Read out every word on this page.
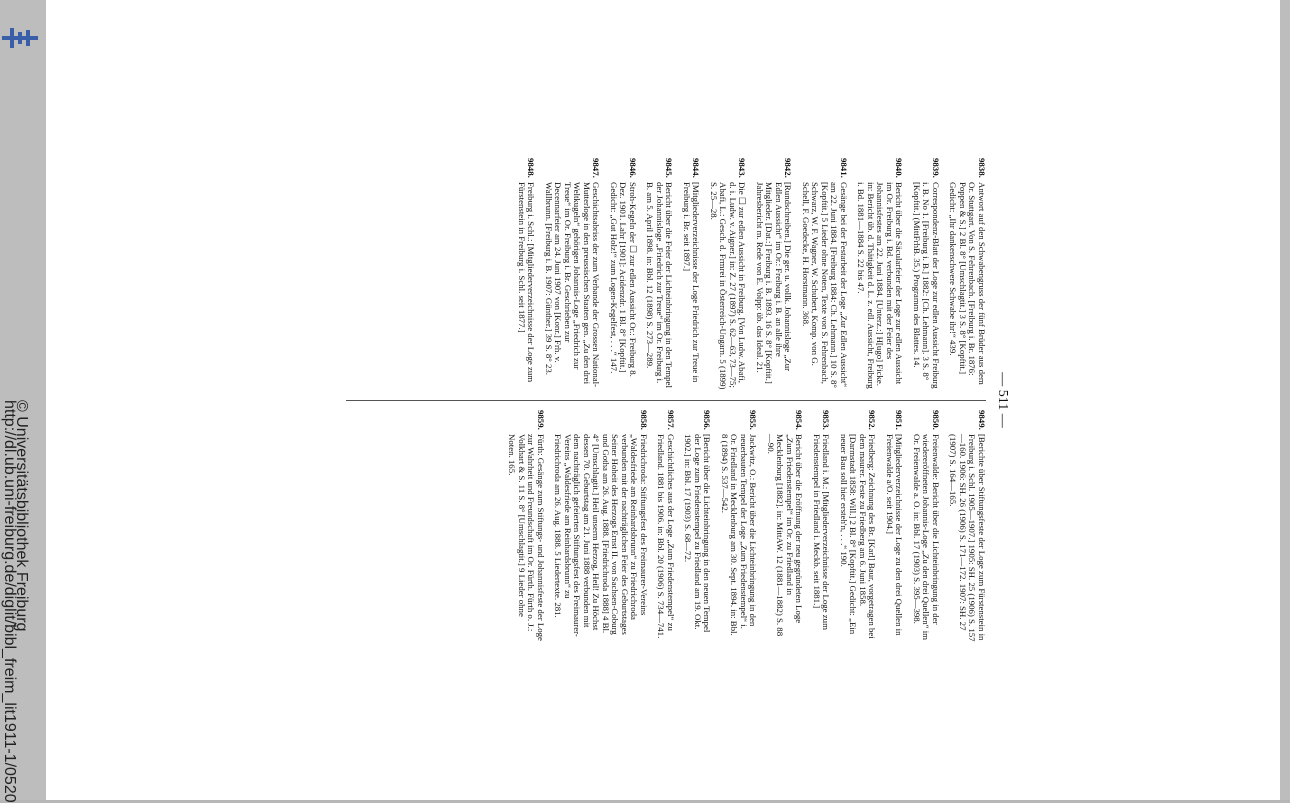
http://dl.ub.uni-freiburg.de/diglit/bibl_freim_lit1911-1/0520
© Universitätsbibliothek Freiburg
— 511 —
9838.
Antwort auf den Schwabengruss der fünf Brüder aus dem Or. Stuttgart. Von S. Fehrenbach. [Freiburg i. Br. 1876: Poppen & S.] 2 Bl. 8° [Umschlagtit.] 3 S. 8° [Kopftit.] Gedicht: „Ihr dankenschwere Schwabe ihr!“ 439.
9839.
Correspondenz-Blatt der Loge zur edlen Aussicht Freiburg i. B. No 1. [Freiburg i. B.] 1882: [Ch. Lehmann]. 3 S. 8° [Kopftit.] (MittFrhB. 35.) Programm des Blattes. 14.
9840.
Bericht über die Säcularfeier der Loge zur edlen Aussicht im Or. Freiburg i. Bd. verbunden mit der Feier des Johannisfestes am 22. Juni 1884. [Unterz.:] H[ugo] Ficke. in: Bericht üb. d. Thätigkeit d. L. z. edl. Aussicht, Freiburg i. Bd. 1881—1884 S. 22 bis 47.
9841.
Gesänge bei der Festarbeit der Loge „Zur Edlen Aussicht“ am 22. Juni 1884. [Freiburg 1884: Ch. Lehmann.] 10 S. 8° [Kopftit.] 5 Lieder ohne Noten, Texte von S. Fehrenbach, Schwarz, W. F. Wagner, W. Schubert, Komp. von G. Schell, F. Goedecke, H. Horstmann. 368.
9842.
[Rundschreiben.] Die ger. u. vollk. Johannisloge „Zur Edlen Aussicht“ im Or.: Freiburg i. B. an alle ihre Mitglieder. [Dat.:] Freiburg i. B. 1893. 16 S. 8° [Kopftit.] Jahresbericht m. Rede von E. Volpp: üb. das Ideal. 21.
9843.
Die ☐ zur edlen Aussicht in Freiburg. [Von Ludw. Abafi, d. i. Ludw. v. Aigner.] in: Z. 27 (1897) S. 62—63, 73—75; Abafi, L.: Gesch. d. Frmrei in Österreich-Ungarn. 5 (1899) S. 25—28.
9844.
[Mitgliederverzeichnisse der Loge Friedrich zur Treue in Freiburg i. Br. seit 1897.]
9845.
Bericht über die Feier der Lichteinbringung in den Tempel der Johannisloge „Friedrich zur Treue“ im Or. Freiburg i. B. am 5. April 1898. in: Bbl. 12 (1898) S. 273—289.
9846.
Stroh-Kegeln der ☐ zur edlen Aussicht Or.: Freiburg 8. Dez. 1901. Lahr [1901]: Acidenzdr. 1 Bl. 8° [Kopftit.] Gedicht: „Gut Holz!“ zum Logen-Kegelfest, . . .“ 147.
9847.
Geschichtsabriss der zum Verbande der Grossen National-Mutterloge in den preussischen Staaten gen. „Zu den drei Weltkugeln“ gehörigen Johannis-Loge „Friedrich zur Treue“ im Or. Freiburg i. Br. Geschrieben zur Decennarfeier am 24. Juni 1907 von [Konr.] Frh. v. Wallbrunn. [Freiburg i. B. 1907: Günther.] 39 S. 8° 23.
9848.
Freiburg i. Schl.: [Mitgliederverzeichnisse der Loge zum Fürstenstein in Freiburg i. Schl. seit 1877.]
9849.
[Berichte über Stiftungsfeste der Loge zum Fürstenstein in Freiburg i. Schl. 1905—1907.] 1905: SH. 25 (1906) S. 157—160. 1906: SH. 26 (1906) S. 171—172. 1907: SH. 27 (1907) S. 164—165.
9850.
Freienwalde: Bericht über die Lichteinbringung in der wiedereröffneten Johannis-Loge „Zu den drei Quellen“ im Or. Freienwalde a. O. in: Bbl. 17 (1903) S. 395—398.
9851.
[Mitgliederverzeichnisse der Loge zu den drei Quellen in Freienwalde a/O. seit 1904.]
9852.
Friedberg: Zeichnung des Br. [Karl] Baur, vorgetragen bei dem maurer. Feste zu Friedberg am 6. Juni 1858. [Darmstadt 1858: Will.] 2 Bl. 8° [Kopftit.] Gedicht: „Ein neuer Bau soll hier ersteh'n, . . .“ 190.
9853.
Friedland i. M.: [Mitgliederverzeichnisse der Loge zum Friedenstempel in Friedland i. Meckb. seit 1881.]
9854.
Bericht über die Eröffnung der neu gegründeten Loge „Zum Friedenstempel“ im Or. zu Friedland in Mecklenburg [1882]. in: MittAW. 12 (1881—1882) S. 88—90.
9855.
Jackwitz, O.: Bericht über die Lichteinbringung in den neuerbauten Tempel der Loge „Zum Friedenstempel“ i. Or. Friedland in Mecklenburg am 30. Sept. 1894. in: Bbl. 8 (1894) S. 537—542.
9856.
[Bericht über die Lichteinbringung in den neuen Tempel der Loge zum Friedenstempel zu Friedland am 19. Okt. 1902.] in: Bbl. 17 (1903) S. 68—72.
9857.
Geschichtliches aus der Loge „Zum Friedenstempel“ zu Friedland. 1881 bis 1906. in: Bbl. 20 (1906) S. 734—741.
9858.
Friedrichroda: Stiftungsfest des Freimaurer-Vereins „Waldesfriede am Reinhardsbrunn“ zu Friedrichroda verbunden mit der nachträglichen Feier des Geburtstages Seiner Hoheit des Herzogs Ernst II. von Sachsen-Coburg und Gotha am 26. Aug. 1888. [Friedrichroda 1888] 4 Bl. 4° [Umschlagtit.] Heil unserm Herzog, Heil! Zu Höchst dessen 70. Geburtstag am 21. Juni 1888 verbunden mit dem nachträglich gefeierten Stiftungsfest des Freimaurer-Vereins „Waldesfriede am Reinhardsbrunn“ zu Friedrichroda am 26. Aug. 1888. 5 Liedertexte. 281.
9859.
Fürth: Gesänge zum Stiftungs- und Johannisfeste der Loge zur Wahrheit und Freundschaft im Or. Fürth. Fürth o. J.: Volkhart & S. 11 S. 8° [Umschlagtit.] 9 Lieder ohne Noten. 165.
